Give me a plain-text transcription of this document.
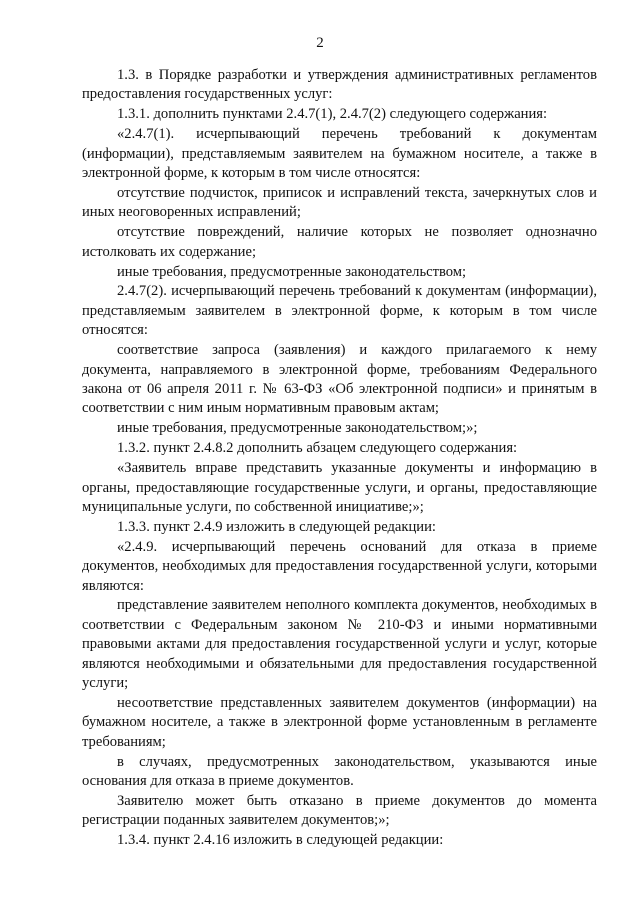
2

1.3. в Порядке разработки и утверждения административных регламентов предоставления государственных услуг:

1.3.1. дополнить пунктами 2.4.7(1), 2.4.7(2) следующего содержания:

«2.4.7(1). исчерпывающий перечень требований к документам (информации), представляемым заявителем на бумажном носителе, а также в электронной форме, к которым в том числе относятся:

отсутствие подчисток, приписок и исправлений текста, зачеркнутых слов и иных неоговоренных исправлений;

отсутствие повреждений, наличие которых не позволяет однозначно истолковать их содержание;

иные требования, предусмотренные законодательством;

2.4.7(2). исчерпывающий перечень требований к документам (информации), представляемым заявителем в электронной форме, к которым в том числе относятся:

соответствие запроса (заявления) и каждого прилагаемого к нему документа, направляемого в электронной форме, требованиям Федерального закона от 06 апреля 2011 г. № 63-ФЗ «Об электронной подписи» и принятым в соответствии с ним иным нормативным правовым актам;

иные требования, предусмотренные законодательством;»;

1.3.2. пункт 2.4.8.2 дополнить абзацем следующего содержания:

«Заявитель вправе представить указанные документы и информацию в органы, предоставляющие государственные услуги, и органы, предоставляющие муниципальные услуги, по собственной инициативе;»;

1.3.3. пункт 2.4.9 изложить в следующей редакции:

«2.4.9. исчерпывающий перечень оснований для отказа в приеме документов, необходимых для предоставления государственной услуги, которыми являются:

представление заявителем неполного комплекта документов, необходимых в соответствии с Федеральным законом № 210-ФЗ и иными нормативными правовыми актами для предоставления государственной услуги и услуг, которые являются необходимыми и обязательными для предоставления государственной услуги;

несоответствие представленных заявителем документов (информации) на бумажном носителе, а также в электронной форме установленным в регламенте требованиям;

в случаях, предусмотренных законодательством, указываются иные основания для отказа в приеме документов.

Заявителю может быть отказано в приеме документов до момента регистрации поданных заявителем документов;»;

1.3.4. пункт 2.4.16 изложить в следующей редакции:
